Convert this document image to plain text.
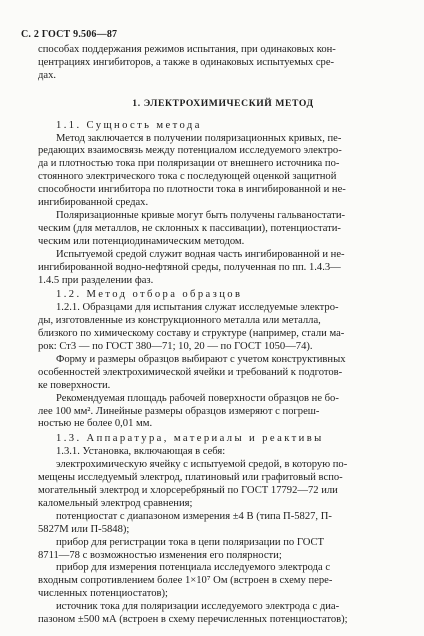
С. 2 ГОСТ 9.506—87

способах поддержания режимов испытания, при одинаковых кон-
центрациях ингибиторов, а также в одинаковых испытуемых сре-
дах.

1. ЭЛЕКТРОХИМИЧЕСКИЙ МЕТОД

1.1. Сущность метода

Метод заключается в получении поляризационных кривых, пе-
редающих взаимосвязь между потенциалом исследуемого электро-
да и плотностью тока при поляризации от внешнего источника по-
стоянного электрического тока с последующей оценкой защитной
способности ингибитора по плотности тока в ингибированной и не-
ингибированной средах.

Поляризационные кривые могут быть получены гальваностати-
ческим (для металлов, не склонных к пассивации), потенциостати-
ческим или потенциодинамическим методом.

Испытуемой средой служит водная часть ингибированной и не-
ингибированной водно-нефтяной среды, полученная по пп. 1.4.3—
1.4.5 при разделении фаз.

1.2. Метод отбора образцов

1.2.1. Образцами для испытания служат исследуемые электро-
ды, изготовленные из конструкционного металла или металла,
близкого по химическому составу и структуре (например, стали ма-
рок: Ст3 — по ГОСТ 380—71; 10, 20 — по ГОСТ 1050—74).

Форму и размеры образцов выбирают с учетом конструктивных
особенностей электрохимической ячейки и требований к подготов-
ке поверхности.

Рекомендуемая площадь рабочей поверхности образцов не бо-
лее 100 мм². Линейные размеры образцов измеряют с погреш-
ностью не более 0,01 мм.

1.3. Аппаратура, материалы и реактивы

1.3.1. Установка, включающая в себя:

электрохимическую ячейку с испытуемой средой, в которую по-
мещены исследуемый электрод, платиновый или графитовый вспо-
могательный электрод и хлорсеребряный по ГОСТ 17792—72 или
каломельный электрод сравнения;

потенциостат с диапазоном измерения ±4 В (типа П-5827, П-
5827М или П-5848);

прибор для регистрации тока в цепи поляризации по ГОСТ
8711—78 с возможностью изменения его полярности;

прибор для измерения потенциала исследуемого электрода с
входным сопротивлением более 1×10⁷ Ом (встроен в схему пере-
численных потенциостатов);

источник тока для поляризации исследуемого электрода с диа-
пазоном ±500 мА (встроен в схему перечисленных потенциостатов);
